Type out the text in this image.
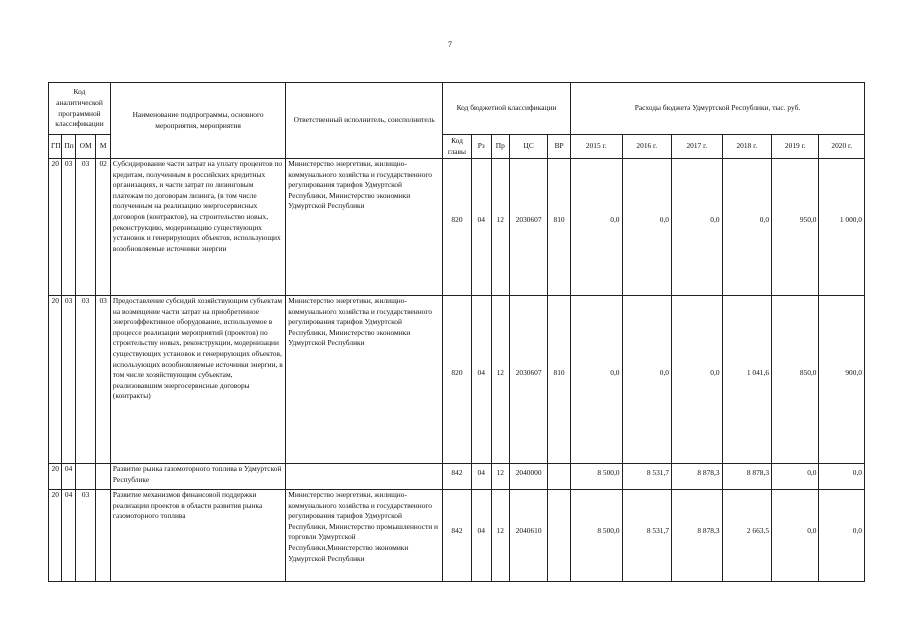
7
Код аналитической программной классификации				Наименование подпрограммы, основного мероприятия, мероприятия	Ответственный исполнитель, соисполнитель	Код бюджетной классификации					Расходы бюджета Удмуртской Республики, тыс. руб.					
ГП	Пп	ОМ	М			Код главы	Рз	Пр	ЦС	ВР	2015 г.	2016 г.	2017 г.	2018 г.	2019 г.	2020 г.
20	03	03	02	Субсидирование части затрат на уплату процентов по кредитам, полученным в российских кредитных организациях, и части затрат по лизинговым платежам по договорам лизинга, (в том числе полученным на реализацию энергосервисных договоров (контрактов), на строительство новых, реконструкцию, модернизацию существующих установок и генерирующих объектов, использующих возобновляемые источники энергии	Министерство энергетики, жилищно-коммунального хозяйства и государственного регулирования тарифов Удмуртской Республики, Министерство экономики Удмуртской Республики	820	04	12	2030607	810	0,0	0,0	0,0	0,0	950,0	1 000,0
20	03	03	03	Предоставление субсидий хозяйствующим субъектам на возмещение части затрат на приобретенное энергоэффективное оборудование, используемое в процессе реализации мероприятий (проектов) по строительству новых, реконструкции, модернизации существующих установок и генерирующих объектов, использующих возобновляемые источники энергии, в том числе хозяйствующим субъектам, реализовавшим энергосервисные договоры (контракты)	Министерство энергетики, жилищно-коммунального хозяйства и государственного регулирования тарифов Удмуртской Республики, Министерство экономики Удмуртской Республики	820	04	12	2030607	810	0,0	0,0	0,0	1 041,6	850,0	900,0
20	04			Развитие рынка газомоторного топлива в Удмуртской Республике		842	04	12	2040000		8 500,0	8 531,7	8 878,3	8 878,3	0,0	0,0
20	04	03		Развитие механизмов финансовой поддержки реализации проектов в области развития рынка газомоторного топлива	Министерство энергетики, жилищно-коммунального хозяйства и государственного регулирования тарифов Удмуртской Республики, Министерство промышленности и торговли Удмуртской Республики,Министерство экономики Удмуртской Республики	842	04	12	2040610		8 500,0	8 531,7	8 878,3	2 663,5	0,0	0,0
